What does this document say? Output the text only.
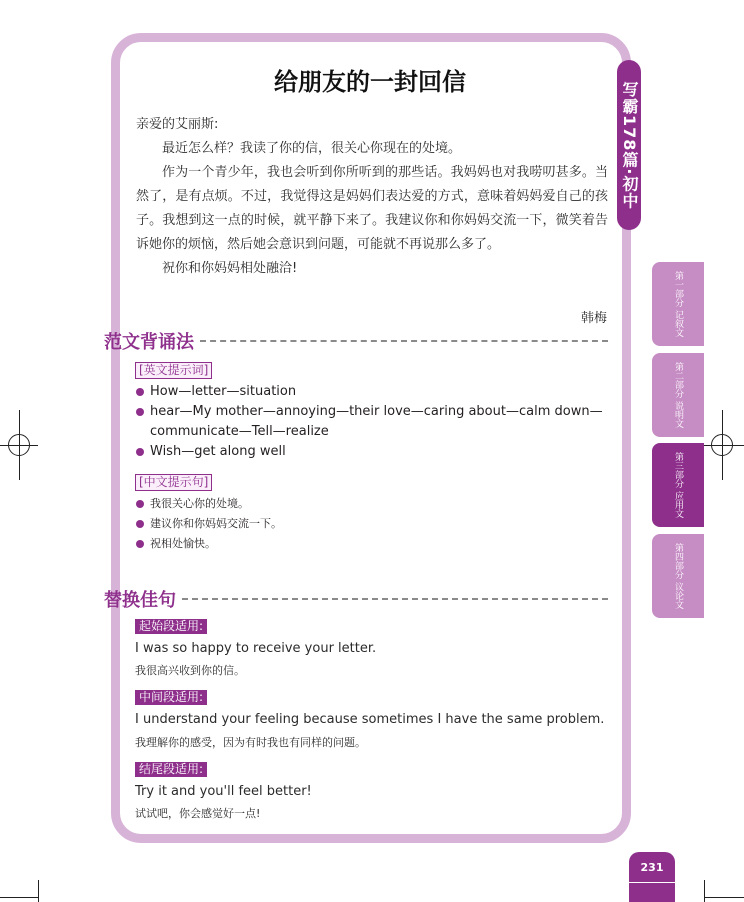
给朋友的一封回信

亲爱的艾丽斯:

最近怎么样？我读了你的信，很关心你现在的处境。

作为一个青少年，我也会听到你所听到的那些话。我妈妈也对我唠叨甚多。当然了，是有点烦。不过，我觉得这是妈妈们表达爱的方式，意味着妈妈爱自己的孩子。我想到这一点的时候，就平静下来了。我建议你和你妈妈交流一下，微笑着告诉她你的烦恼，然后她会意识到问题，可能就不再说那么多了。

祝你和你妈妈相处融洽!

韩梅
范文背诵法
[英文提示词]
How—letter—situation
hear—My mother—annoying—their love—caring about—calm down—communicate—Tell—realize
Wish—get along well
[中文提示句]
我很关心你的处境。
建议你和你妈妈交流一下。
祝相处愉快。
替换佳句
起始段适用:
I was so happy to receive your letter.
我很高兴收到你的信。
中间段适用:
I understand your feeling because sometimes I have the same problem.
我理解你的感受，因为有时我也有同样的问题。
结尾段适用:
Try it and you'll feel better!
试试吧，你会感觉好一点!
写霸178篇·初中
第一部分 记叙文
第二部分 说明文
第三部分 应用文
第四部分 议论文
231
